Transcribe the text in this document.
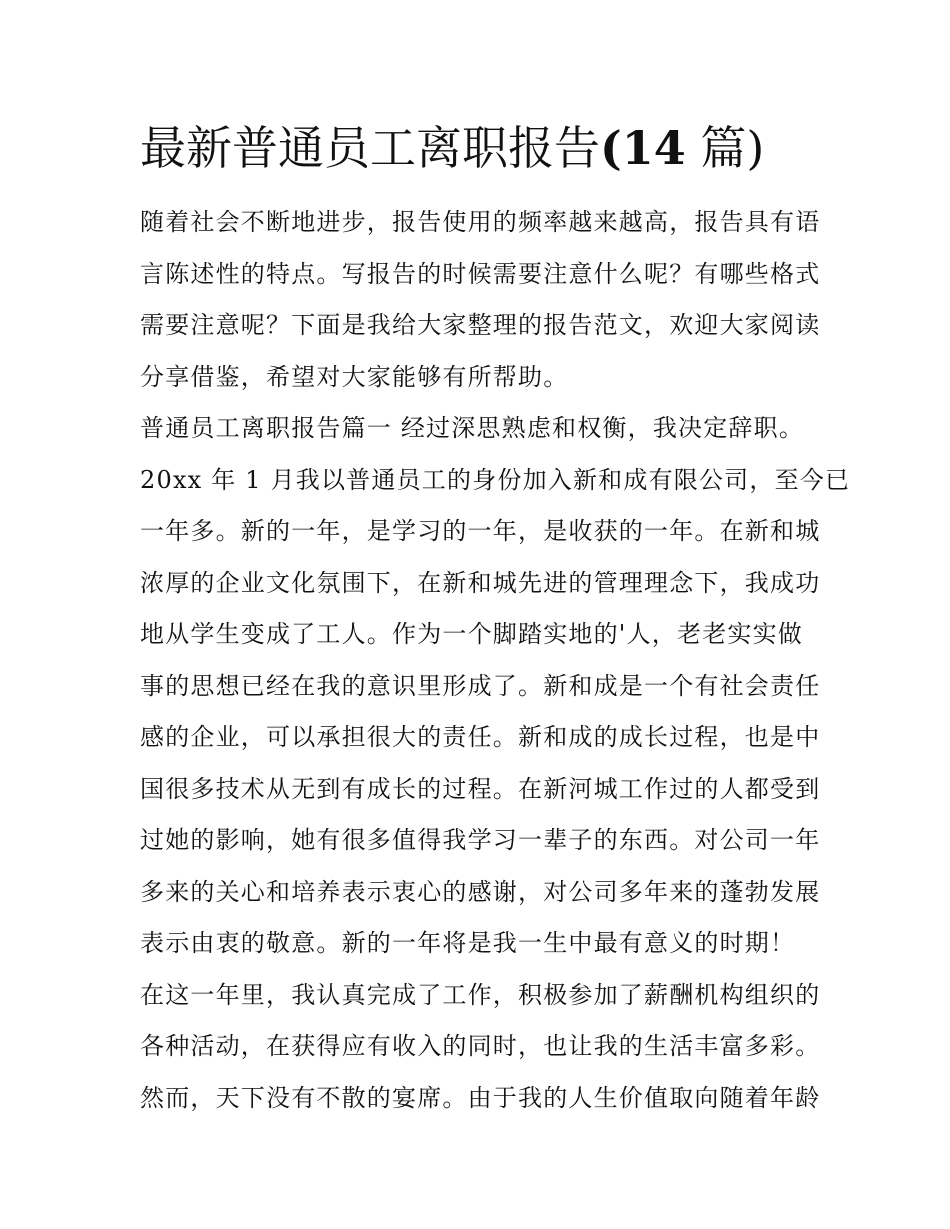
最新普通员工离职报告(14 篇)
随着社会不断地进步，报告使用的频率越来越高，报告具有语
言陈述性的特点。写报告的时候需要注意什么呢？有哪些格式
需要注意呢？下面是我给大家整理的报告范文，欢迎大家阅读
分享借鉴，希望对大家能够有所帮助。
普通员工离职报告篇一 经过深思熟虑和权衡，我决定辞职。
20xx 年 1 月我以普通员工的身份加入新和成有限公司，至今已
一年多。新的一年，是学习的一年，是收获的一年。在新和城
浓厚的企业文化氛围下，在新和城先进的管理理念下，我成功
地从学生变成了工人。作为一个脚踏实地的'人，老老实实做
事的思想已经在我的意识里形成了。新和成是一个有社会责任
感的企业，可以承担很大的责任。新和成的成长过程，也是中
国很多技术从无到有成长的过程。在新河城工作过的人都受到
过她的影响，她有很多值得我学习一辈子的东西。对公司一年
多来的关心和培养表示衷心的感谢，对公司多年来的蓬勃发展
表示由衷的敬意。新的一年将是我一生中最有意义的时期！
在这一年里，我认真完成了工作，积极参加了薪酬机构组织的
各种活动，在获得应有收入的同时，也让我的生活丰富多彩。
然而，天下没有不散的宴席。由于我的人生价值取向随着年龄
